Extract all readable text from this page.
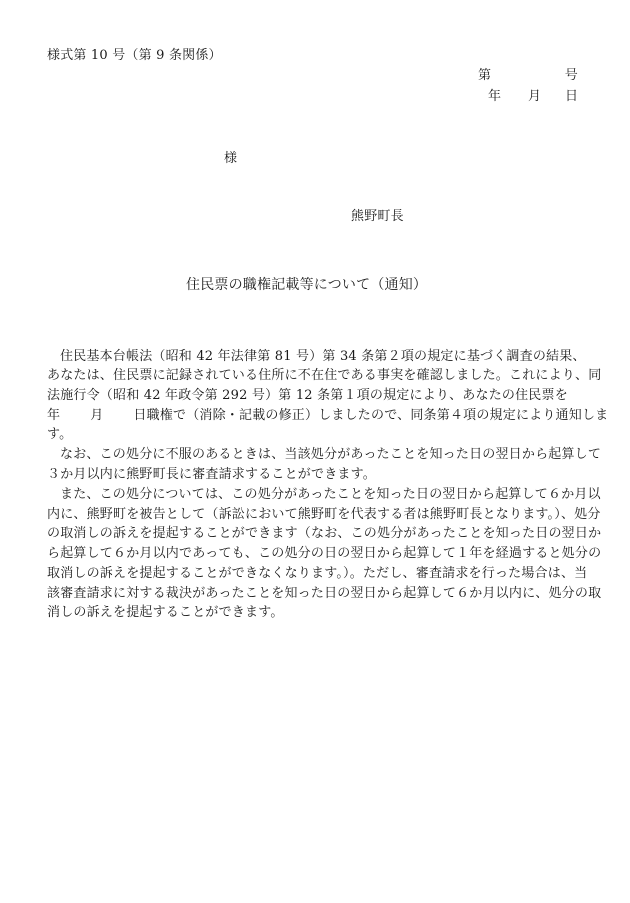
様式第 10 号（第 9 条関係）
第	号
年 月 日
様
熊野町長
住民票の職権記載等について（通知）
住民基本台帳法（昭和 42 年法律第 81 号）第 34 条第２項の規定に基づく調査の結果、
あなたは、住民票に記録されている住所に不在住である事実を確認しました。これにより、同
法施行令（昭和 42 年政令第 292 号）第 12 条第１項の規定により、あなたの住民票を
年 月 日職権で（消除・記載の修正）しましたので、同条第４項の規定により通知しま
す。
なお、この処分に不服のあるときは、当該処分があったことを知った日の翌日から起算して
３か月以内に熊野町長に審査請求することができます。
また、この処分については、この処分があったことを知った日の翌日から起算して６か月以
内に、熊野町を被告として（訴訟において熊野町を代表する者は熊野町長となります。）、処分
の取消しの訴えを提起することができます（なお、この処分があったことを知った日の翌日か
ら起算して６か月以内であっても、この処分の日の翌日から起算して１年を経過すると処分の
取消しの訴えを提起することができなくなります。）。ただし、審査請求を行った場合は、当
該審査請求に対する裁決があったことを知った日の翌日から起算して６か月以内に、処分の取
消しの訴えを提起することができます。
